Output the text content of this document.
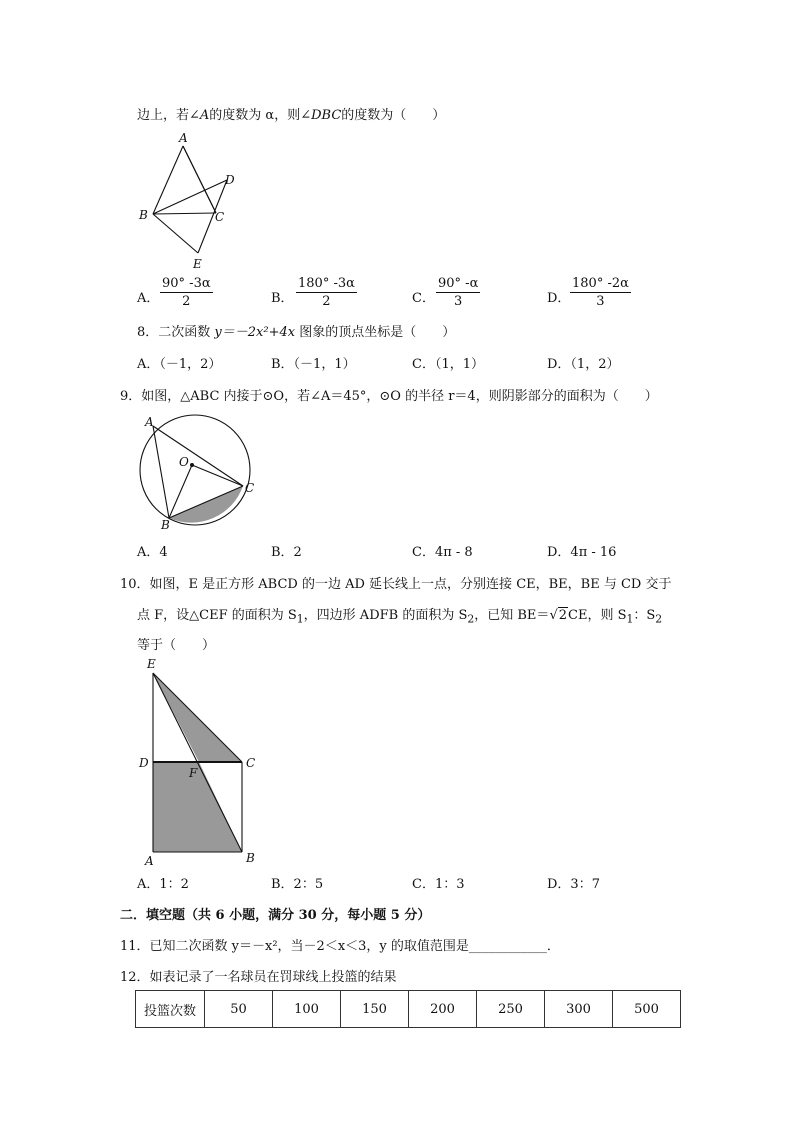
边上，若∠A的度数为 α，则∠DBC的度数为（　　）
A
D
B	C
E
A． $\frac{90^\circ -3\alpha}{2}$	B． $\frac{180^\circ -3\alpha}{2}$	C． $\frac{90^\circ -\alpha}{3}$	D． $\frac{180^\circ -2\alpha}{3}$
8．二次函数 y＝－2x²+4x 图象的顶点坐标是（　　）
A．（－1，2）	B．（－1，1）	C．（1，1）	D．（1，2）
9．如图，△ABC 内接于⊙O，若∠A＝45°，⊙O 的半径 r＝4，则阴影部分的面积为（　　）
A
O
C
B
A．4	B．2	C．4π - 8	D．4π - 16
10．如图，E 是正方形 ABCD 的一边 AD 延长线上一点，分别连接 CE，BE，BE 与 CD 交于
点 F，设△CEF 的面积为 $S_1$，四边形 ADFB 的面积为 $S_2$，已知 BE＝√2CE，则 $S_1$：$S_2$
等于（　　）
E
D
F
C
A	B
A．1：2	B．2：5	C．1：3	D．3：7
二．填空题（共 6 小题，满分 30 分，每小题 5 分）
11．已知二次函数 y＝－x²，当－2＜x＜3，y 的取值范围是____________．
12．如表记录了一名球员在罚球线上投篮的结果
投篮次数	50	100	150	200	250	300	500
